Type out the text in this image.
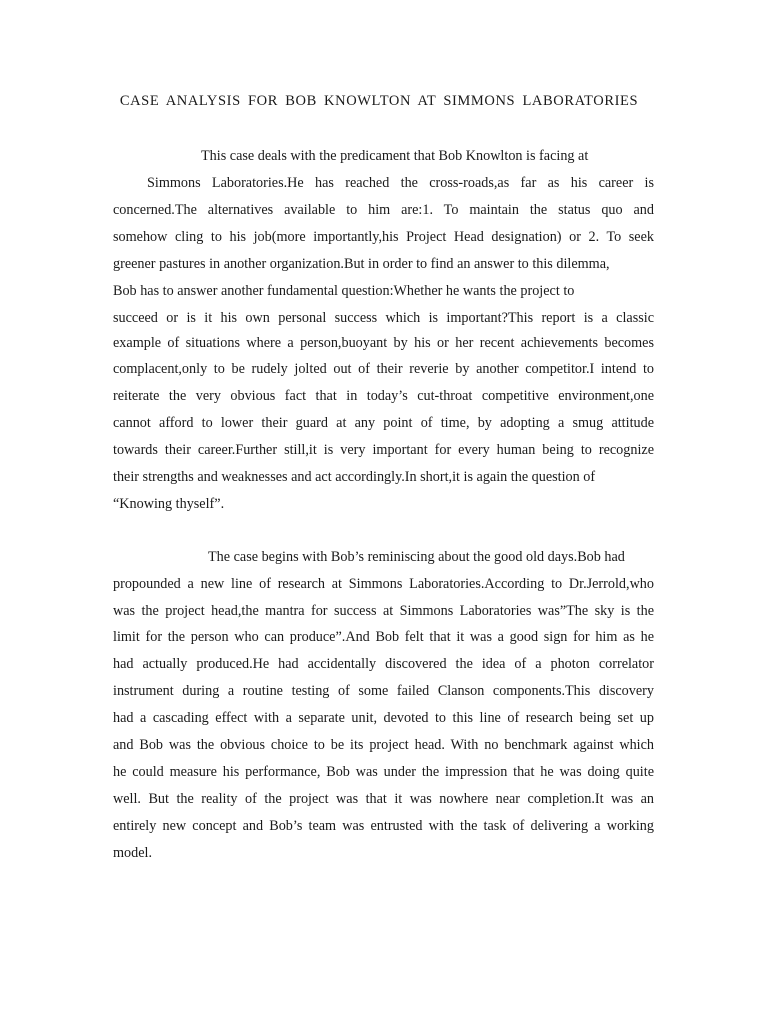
CASE ANALYSIS FOR BOB KNOWLTON AT SIMMONS LABORATORIES
This case deals with the predicament that Bob Knowlton is facing at
Simmons Laboratories.He has reached the cross-roads,as far as his career is
concerned.The alternatives available to him are:1. To maintain the status quo and
somehow cling to his job(more importantly,his Project Head designation) or 2. To seek
greener pastures in another organization.But in order to find an answer to this dilemma,
Bob has to answer another fundamental question:Whether he wants the project to
succeed or is it his own personal success which is important?This report is a classic
example of situations where a person,buoyant by his or her recent achievements becomes
complacent,only to be rudely jolted out of their reverie by another competitor.I intend to
reiterate the very obvious fact that in today’s cut-throat competitive environment,one
cannot afford to lower their guard at any point of time, by adopting a smug attitude
towards their career.Further still,it is very important for every human being to recognize
their strengths and weaknesses and act accordingly.In short,it is again the question of
“Knowing thyself”.
The case begins with Bob’s reminiscing about the good old days.Bob had
propounded a new line of research at Simmons Laboratories.According to Dr.Jerrold,who
was the project head,the mantra for success at Simmons Laboratories was”The sky is the
limit for the person who can produce”.And Bob felt that it was a good sign for him as he
had actually produced.He had accidentally discovered the idea of a photon correlator
instrument during a routine testing of some failed Clanson components.This discovery
had a cascading effect with a separate unit, devoted to this line of research being set up
and Bob was the obvious choice to be its project head. With no benchmark against which
he could measure his performance, Bob was under the impression that he was doing quite
well. But the reality of the project was that it was nowhere near completion.It was an
entirely new concept and Bob’s team was entrusted with the task of delivering a working
model.
